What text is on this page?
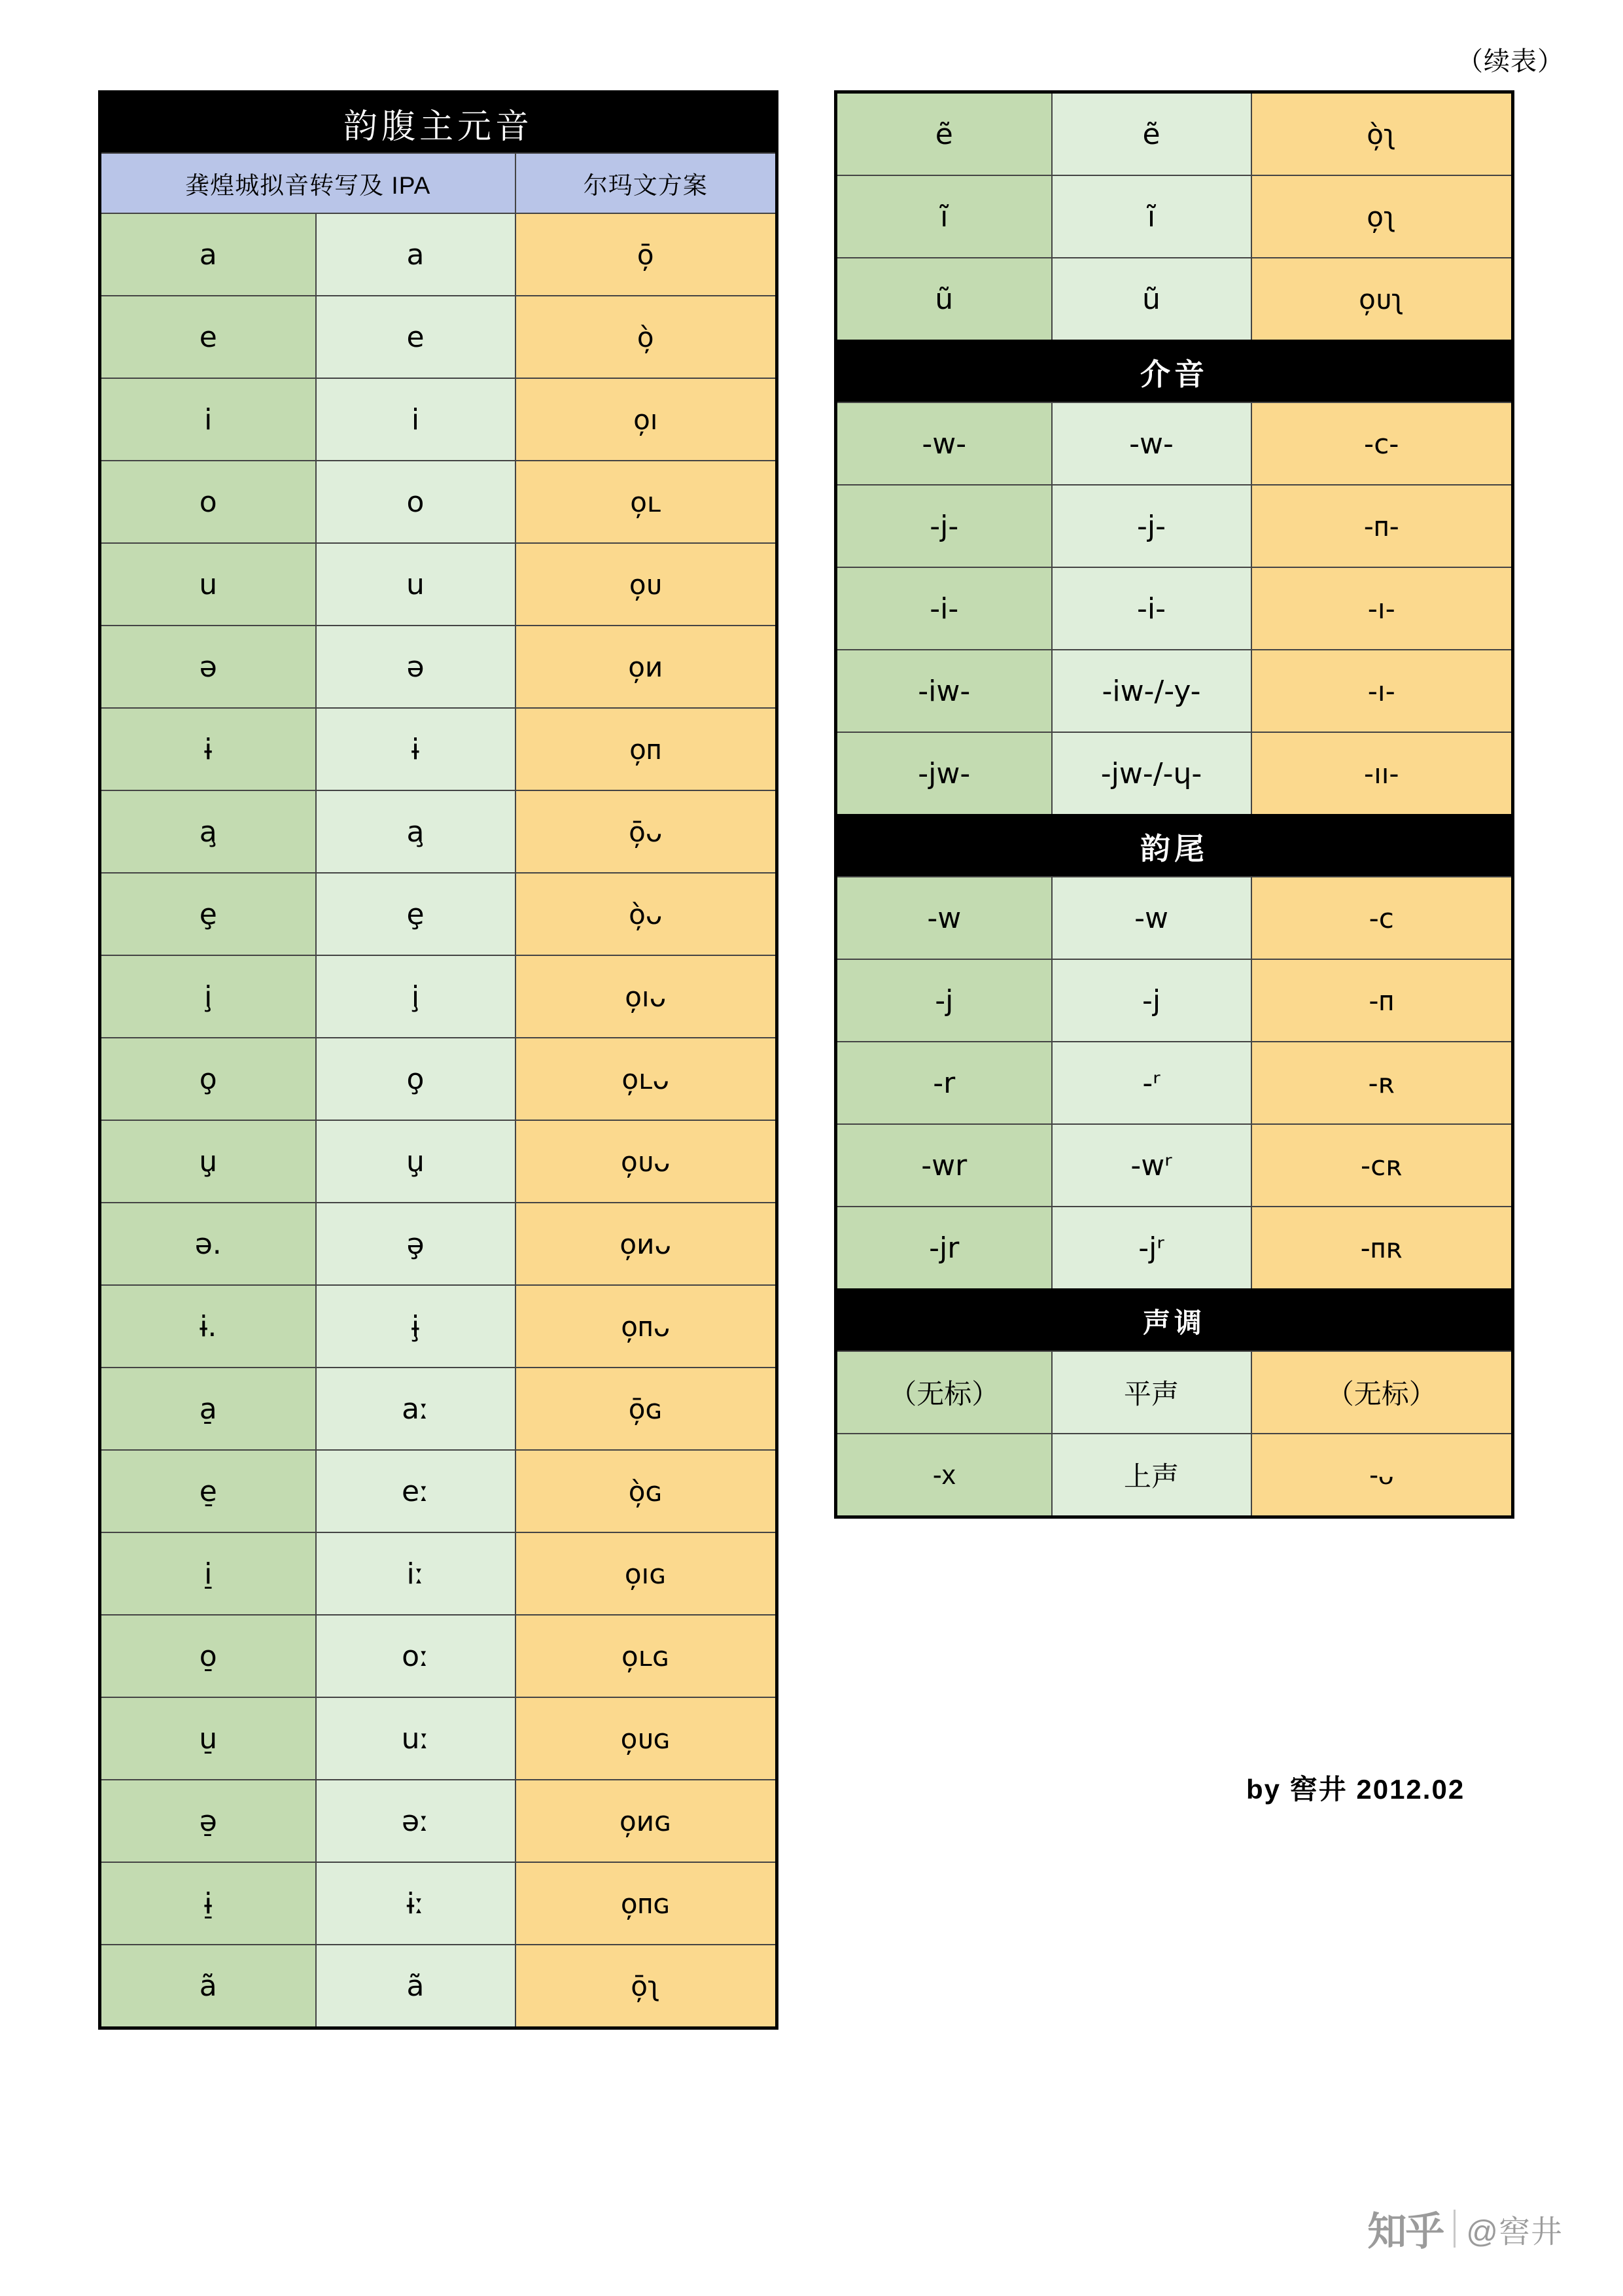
（续表）
韵腹主元音		
龚煌城拟音转写及 IPA		尔玛文方案
a	a	ō̦
e	e	ò̦
i	i	o̦ı
o	o	o̦ʟ
u	u	o̦ᴜ
ə	ə	o̦ᴎ
ɨ	ɨ	o̦ᴨ
a̧	a̧	ō̦ᴗ
ȩ	ȩ	ò̦ᴗ
i̧	i̧	o̦ıᴗ
o̧	o̧	o̦ʟᴗ
u̧	u̧	o̦ᴜᴗ
ə.	ə̧	o̦ᴎᴗ
ɨ.	ɨ̧	o̦ᴨᴗ
a̠	aː	ō̦ɢ
e̠	eː	ò̦ɢ
i̠	iː	o̦ıɢ
o̠	oː	o̦ʟɢ
u̠	uː	o̦ᴜɢ
ə̠	əː	o̦ᴎɢ
ɨ̠	ɨː	o̦ᴨɢ
ã	ã	ō̦ʅ
ẽ	ẽ	ò̦ʅ
ĩ	ĩ	o̦ʅ
ũ	ũ	o̦ᴜʅ
介音		
-w-	-w-	-ᴄ-
-j-	-j-	-ᴨ-
-i-	-i-	-ı-
-iw-	-iw-/-y-	-ı-
-jw-	-jw-/-ɥ-	-ıı-
韵尾		
-w	-w	-ᴄ
-j	-j	-ᴨ
-r	-ʳ	-ʀ
-wr	-wʳ	-ᴄʀ
-jr	-jʳ	-ᴨʀ
声调		
（无标）	平声	（无标）
-x	上声	-ᴗ
by 窖井 2012.02
知乎 @窖井
